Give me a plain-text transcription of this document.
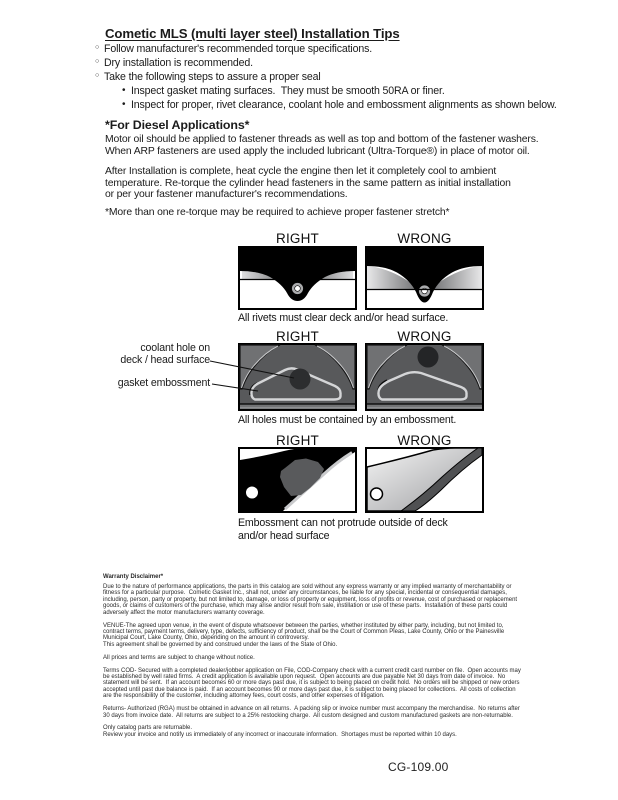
Cometic MLS (multi layer steel) Installation Tips
○ Follow manufacturer's recommended torque specifications.
○ Dry installation is recommended.
○ Take the following steps to assure a proper seal
• Inspect gasket mating surfaces.  They must be smooth 50RA or finer.
• Inspect for proper, rivet clearance, coolant hole and embossment alignments as shown below.
*For Diesel Applications*
Motor oil should be applied to fastener threads as well as top and bottom of the fastener washers.
When ARP fasteners are used apply the included lubricant (Ultra-Torque®) in place of motor oil.
After Installation is complete, heat cycle the engine then let it completely cool to ambient
temperature. Re-torque the cylinder head fasteners in the same pattern as initial installation
or per your fastener manufacturer's recommendations.
*More than one re-torque may be required to achieve proper fastener stretch*
RIGHT	WRONG
All rivets must clear deck and/or head surface.
RIGHT	WRONG
coolant hole on
deck / head surface
gasket embossment
All holes must be contained by an embossment.
RIGHT	WRONG
Embossment can not protrude outside of deck
and/or head surface
Warranty Disclaimer*

Due to the nature of performance applications, the parts in this catalog are sold without any express warranty or any implied warranty of merchantability or fitness for a particular purpose.  Cometic Gasket Inc., shall not, under any circumstances, be liable for any special, incidental or consequential damages, including, person, party or property, but not limited to, damage, or loss of property or equipment, loss of profits or revenue, cost of purchased or replacement goods, or claims of customers of the purchase, which may arise and/or result from sale, instillation or use of these parts.  Installation of these parts could adversely affect the motor manufacturers warranty coverage.

VENUE-The agreed upon venue, in the event of dispute whatsoever between the parties, whether instituted by either party, including, but not limited to, contract terms, payment terms, delivery, type, defects, sufficiency of product, shall be the Court of Common Pleas, Lake County, Ohio or the Painesville Municipal Court, Lake County, Ohio, depending on the amount in controversy.

This agreement shall be governed by and construed under the laws of the State of Ohio.

All prices and terms are subject to change without notice.

Terms COD- Secured with a completed dealer/jobber application on File, COD-Company check with a current credit card number on file.  Open accounts may be established by well rated firms.  A credit application is available upon request.  Open accounts are due payable Net 30 days from date of invoice.  No statement will be sent.  If an account becomes 60 or more days past due, it is subject to being placed on credit hold.  No orders will be shipped or new orders accepted until past due balance is paid.  If an account becomes 90 or more days past due, it is subject to being placed for collections.  All costs of collection are the responsibility of the customer, including attorney fees, court costs, and other expenses of litigation.

Returns- Authorized (RGA) must be obtained in advance on all returns.  A packing slip or invoice number must accompany the merchandise.  No returns after 30 days from invoice date.  All returns are subject to a 25% restocking charge.  All custom designed and custom manufactured gaskets are non-returnable.

Only catalog parts are returnable.

Review your invoice and notify us immediately of any incorrect or inaccurate information.  Shortages must be reported within 10 days.

CG-109.00
